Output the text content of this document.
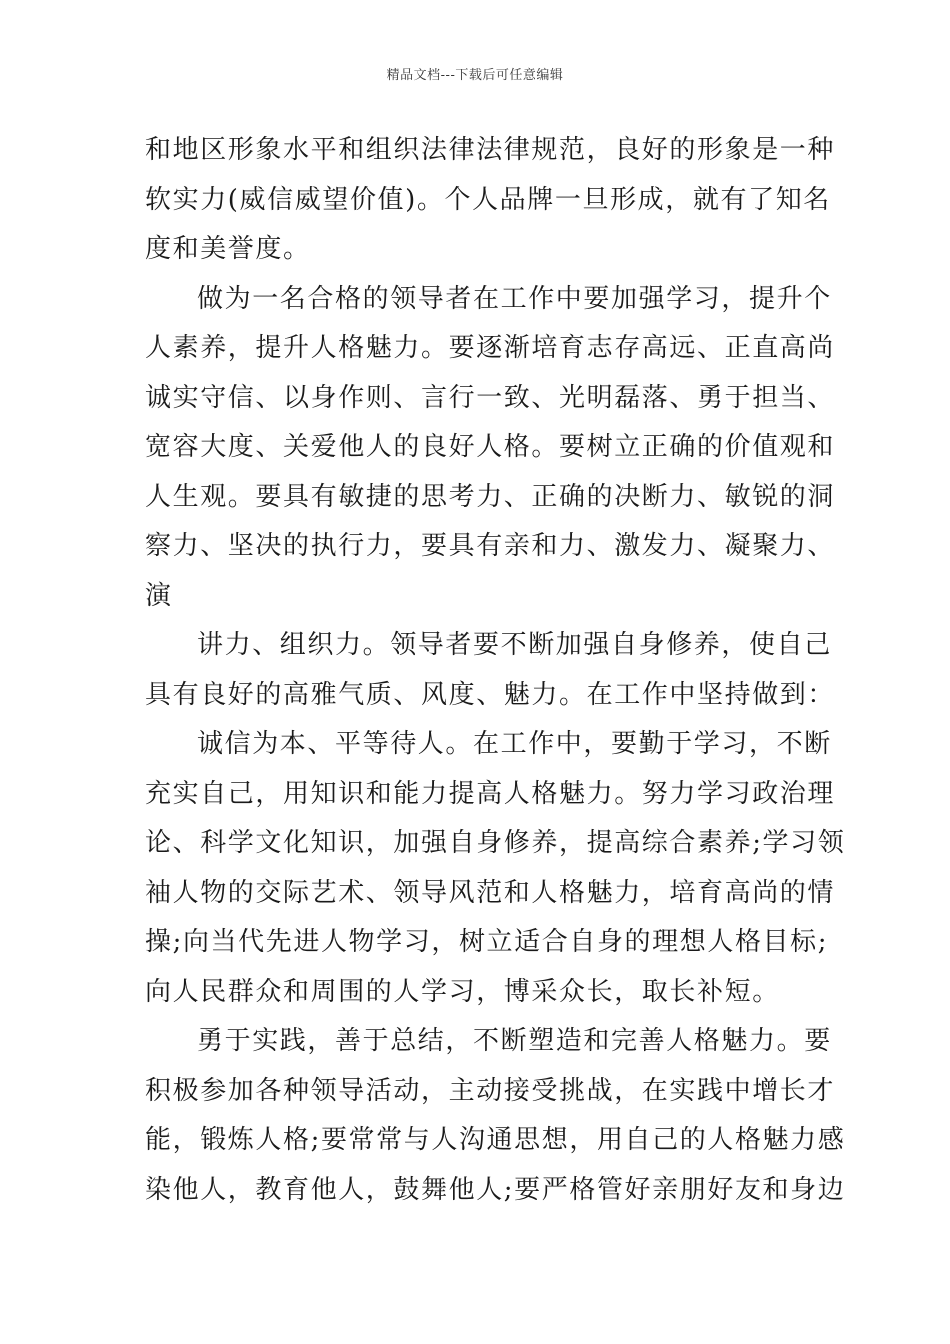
精品文档---下载后可任意编辑

和地区形象水平和组织法律法律规范，良好的形象是一种
软实力(威信威望价值)。个人品牌一旦形成，就有了知名
度和美誉度。

做为一名合格的领导者在工作中要加强学习，提升个
人素养，提升人格魅力。要逐渐培育志存高远、正直高尚
诚实守信、以身作则、言行一致、光明磊落、勇于担当、
宽容大度、关爱他人的良好人格。要树立正确的价值观和
人生观。要具有敏捷的思考力、正确的决断力、敏锐的洞
察力、坚决的执行力，要具有亲和力、激发力、凝聚力、
演

讲力、组织力。领导者要不断加强自身修养，使自己
具有良好的高雅气质、风度、魅力。在工作中坚持做到：

诚信为本、平等待人。在工作中，要勤于学习，不断
充实自己，用知识和能力提高人格魅力。努力学习政治理
论、科学文化知识，加强自身修养，提高综合素养;学习领
袖人物的交际艺术、领导风范和人格魅力，培育高尚的情
操;向当代先进人物学习，树立适合自身的理想人格目标;
向人民群众和周围的人学习，博采众长，取长补短。

勇于实践，善于总结，不断塑造和完善人格魅力。要
积极参加各种领导活动，主动接受挑战，在实践中增长才
能，锻炼人格;要常常与人沟通思想，用自己的人格魅力感
染他人，教育他人，鼓舞他人;要严格管好亲朋好友和身边
